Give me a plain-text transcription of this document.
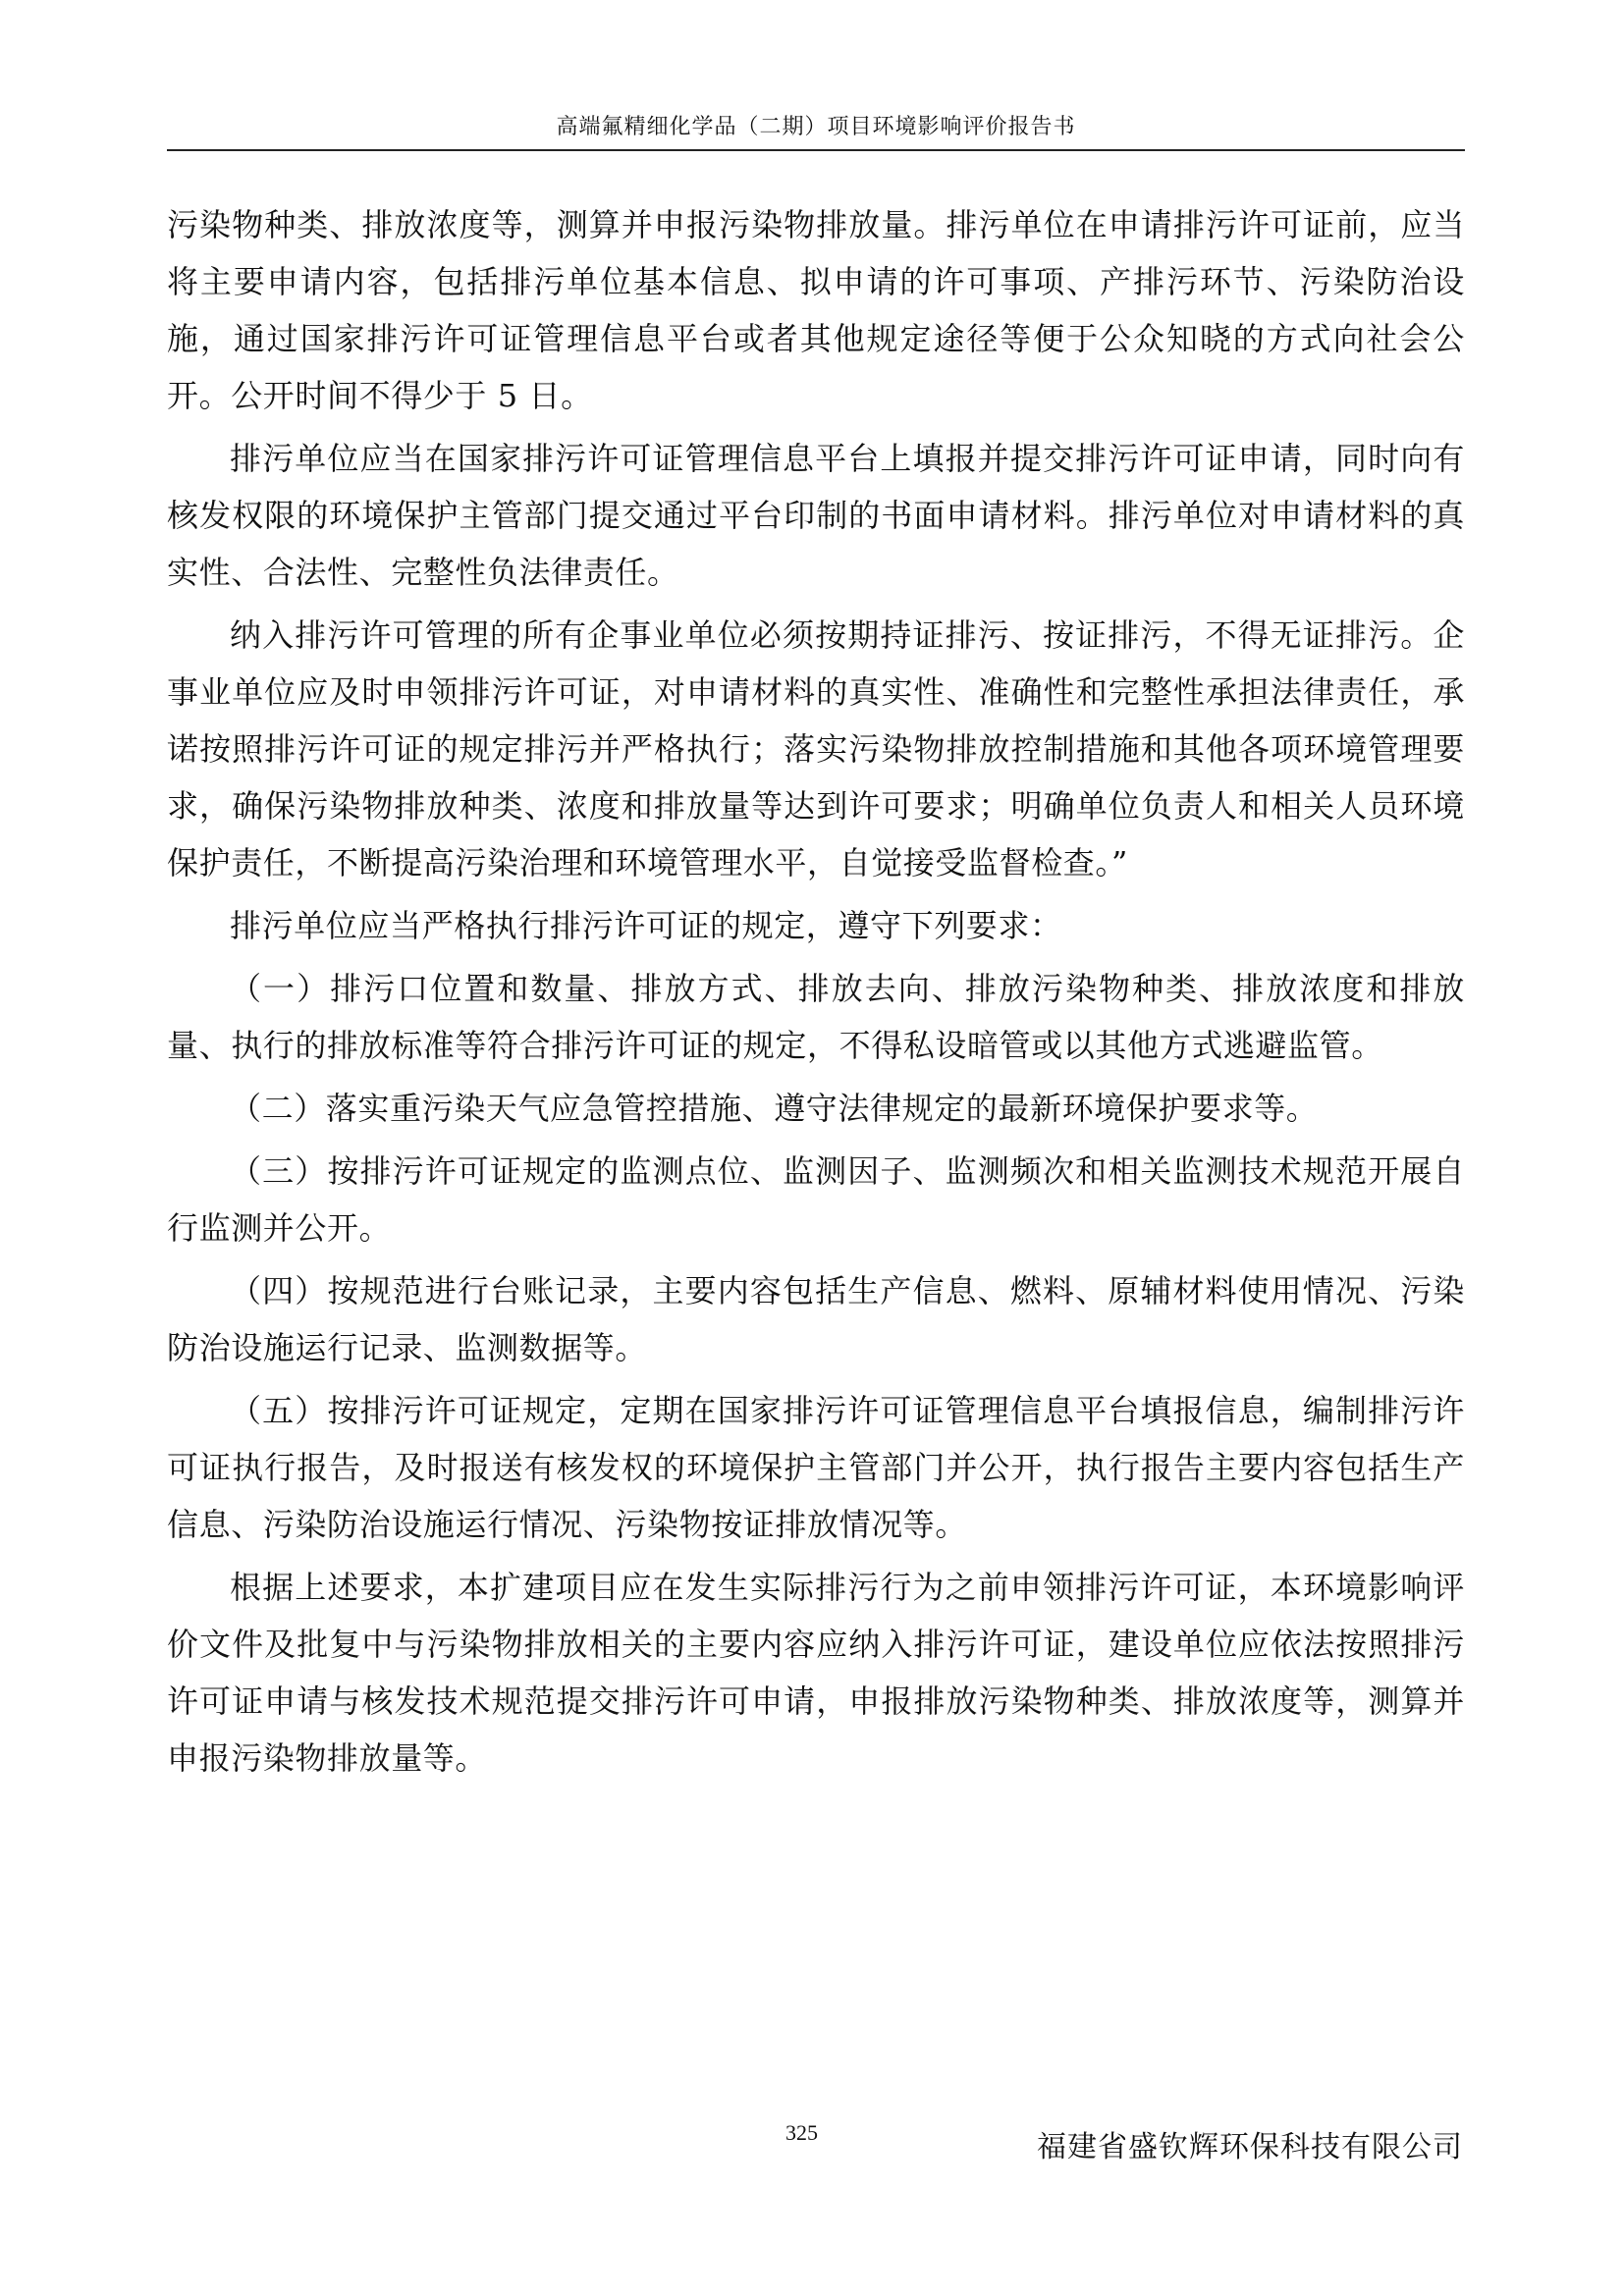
高端氟精细化学品（二期）项目环境影响评价报告书

污染物种类、排放浓度等，测算并申报污染物排放量。排污单位在申请排污许可证前，应当将主要申请内容，包括排污单位基本信息、拟申请的许可事项、产排污环节、污染防治设施，通过国家排污许可证管理信息平台或者其他规定途径等便于公众知晓的方式向社会公开。公开时间不得少于 5 日。

排污单位应当在国家排污许可证管理信息平台上填报并提交排污许可证申请，同时向有核发权限的环境保护主管部门提交通过平台印制的书面申请材料。排污单位对申请材料的真实性、合法性、完整性负法律责任。

纳入排污许可管理的所有企事业单位必须按期持证排污、按证排污，不得无证排污。企事业单位应及时申领排污许可证，对申请材料的真实性、准确性和完整性承担法律责任，承诺按照排污许可证的规定排污并严格执行；落实污染物排放控制措施和其他各项环境管理要求，确保污染物排放种类、浓度和排放量等达到许可要求；明确单位负责人和相关人员环境保护责任，不断提高污染治理和环境管理水平，自觉接受监督检查。”

排污单位应当严格执行排污许可证的规定，遵守下列要求：

（一）排污口位置和数量、排放方式、排放去向、排放污染物种类、排放浓度和排放量、执行的排放标准等符合排污许可证的规定，不得私设暗管或以其他方式逃避监管。

（二）落实重污染天气应急管控措施、遵守法律规定的最新环境保护要求等。

（三）按排污许可证规定的监测点位、监测因子、监测频次和相关监测技术规范开展自行监测并公开。

（四）按规范进行台账记录，主要内容包括生产信息、燃料、原辅材料使用情况、污染防治设施运行记录、监测数据等。

（五）按排污许可证规定，定期在国家排污许可证管理信息平台填报信息，编制排污许可证执行报告，及时报送有核发权的环境保护主管部门并公开，执行报告主要内容包括生产信息、污染防治设施运行情况、污染物按证排放情况等。

根据上述要求，本扩建项目应在发生实际排污行为之前申领排污许可证，本环境影响评价文件及批复中与污染物排放相关的主要内容应纳入排污许可证，建设单位应依法按照排污许可证申请与核发技术规范提交排污许可申请，申报排放污染物种类、排放浓度等，测算并申报污染物排放量等。

325	福建省盛钦辉环保科技有限公司
